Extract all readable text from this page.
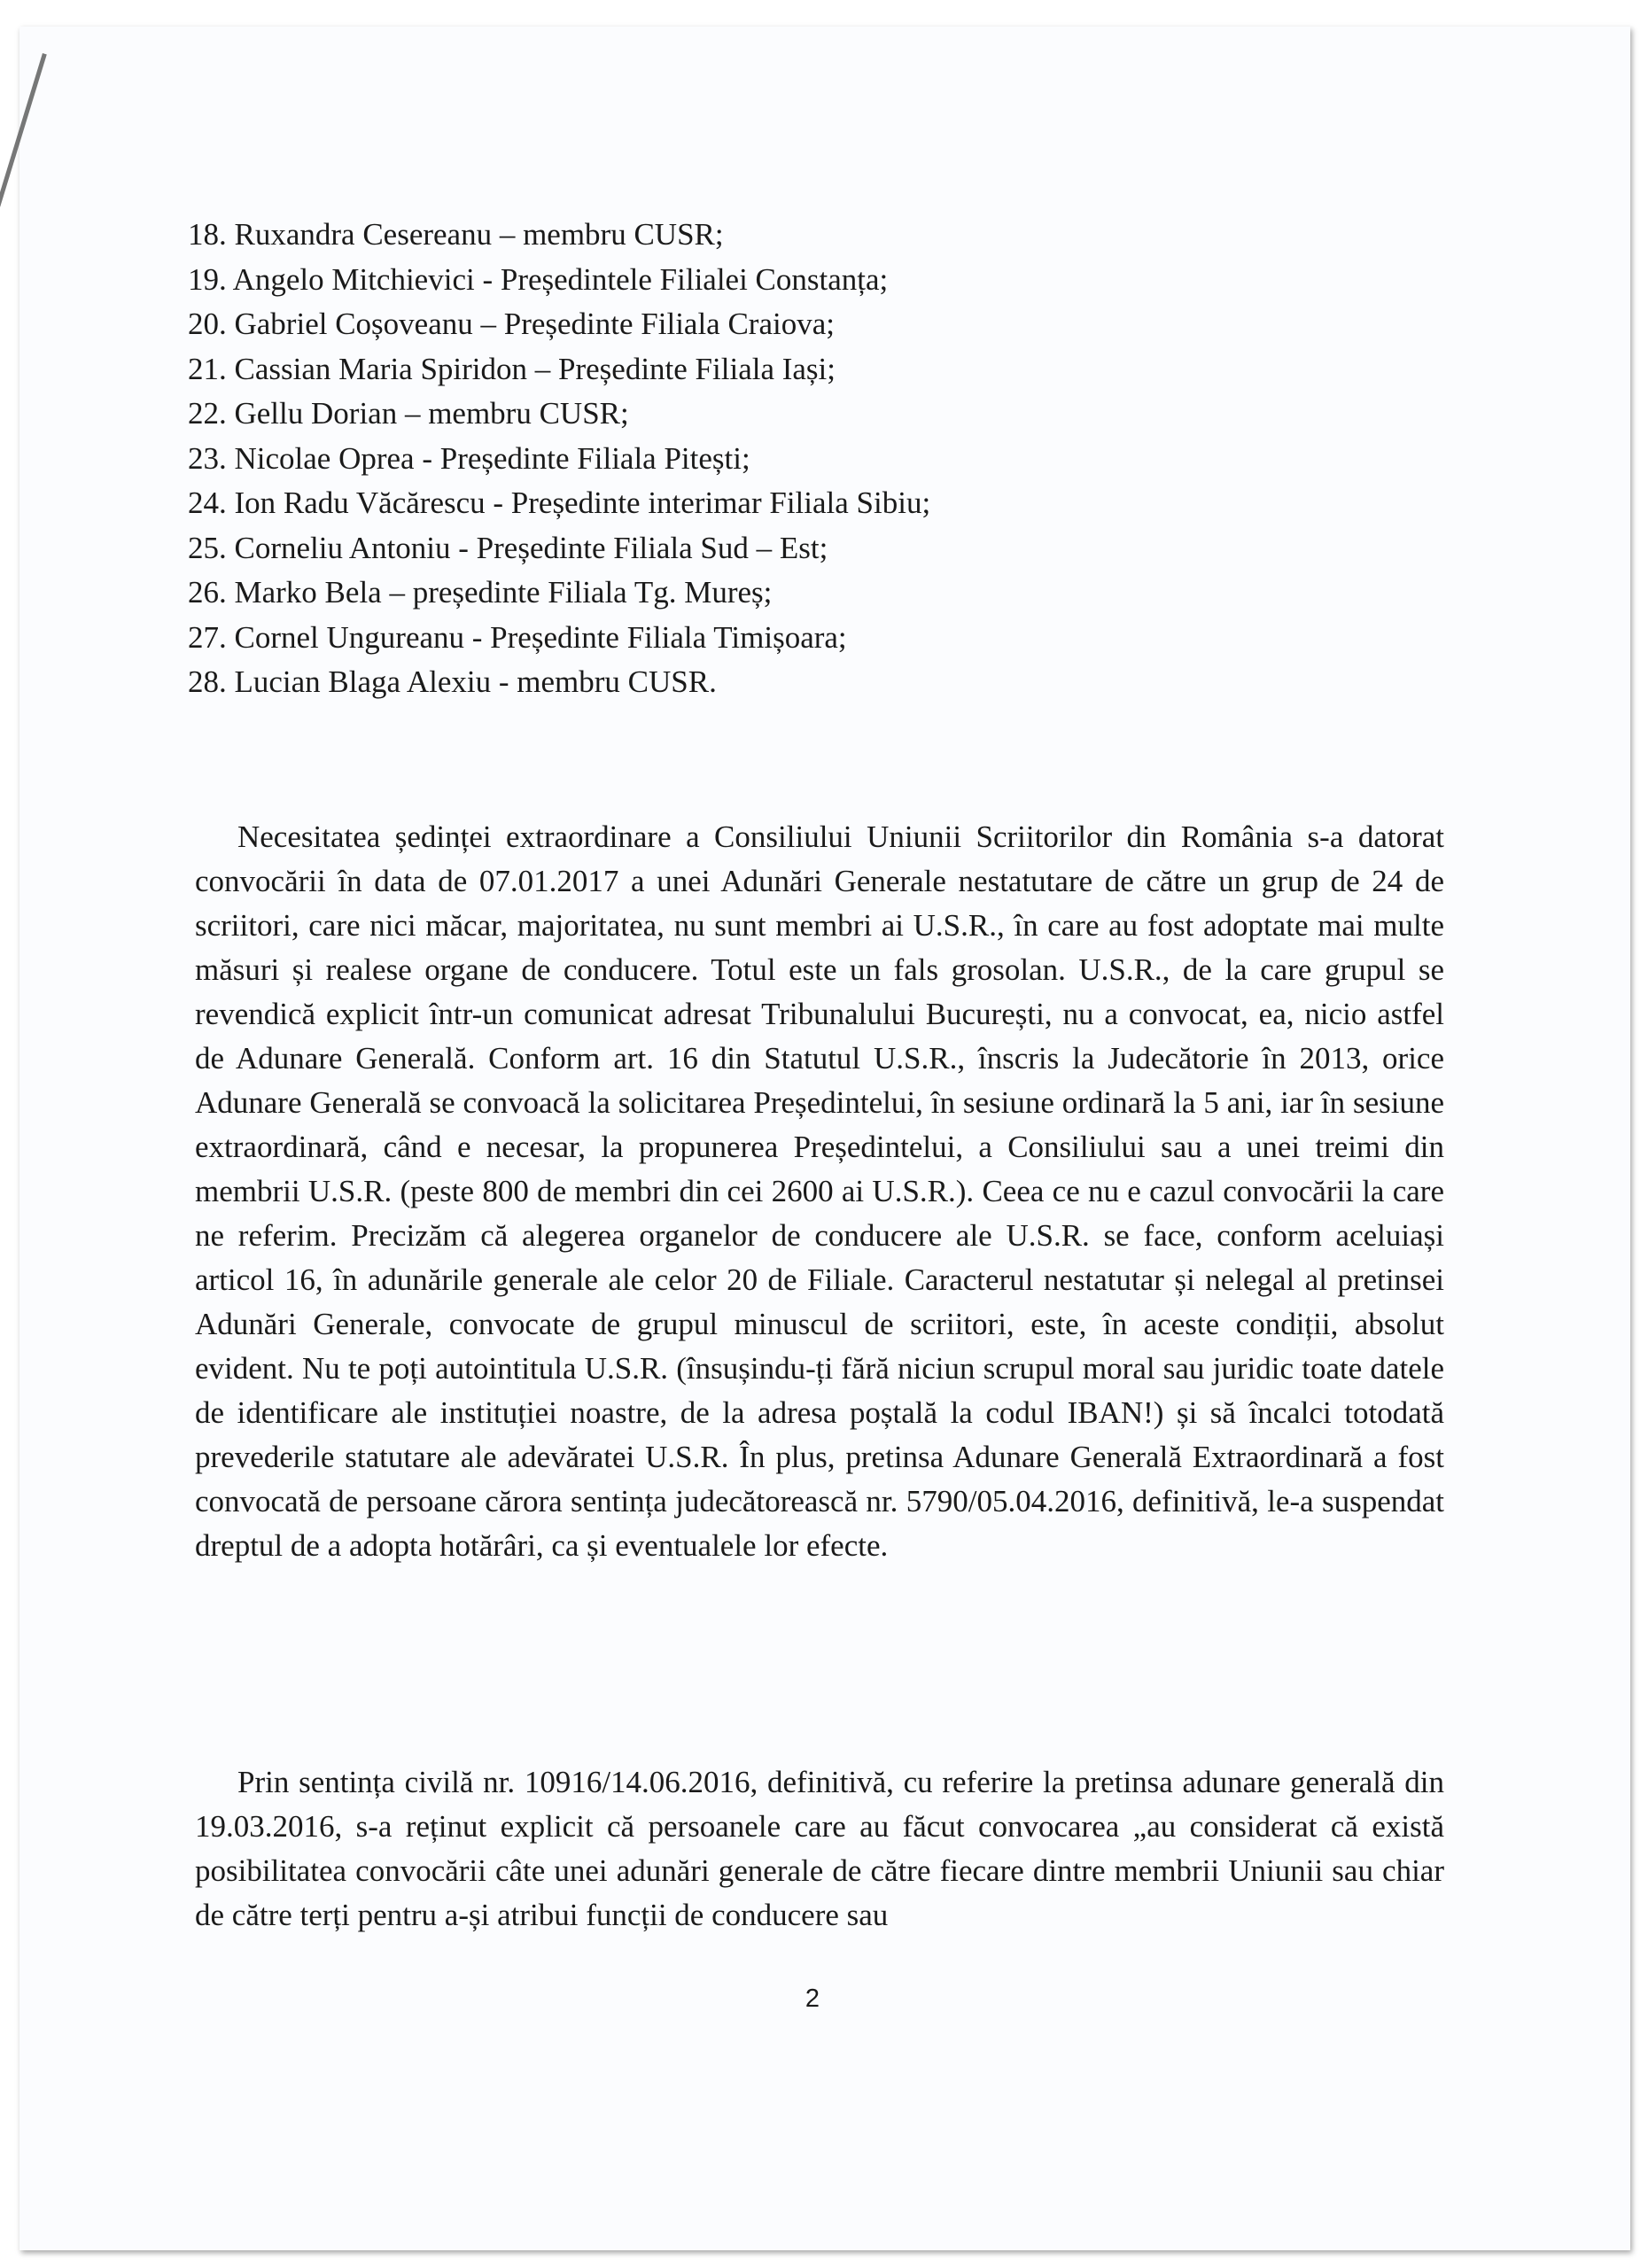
18. Ruxandra Cesereanu – membru CUSR;
19. Angelo Mitchievici - Președintele Filialei Constanța;
20. Gabriel Coșoveanu – Președinte Filiala Craiova;
21. Cassian Maria Spiridon – Președinte Filiala Iași;
22. Gellu Dorian – membru CUSR;
23. Nicolae Oprea - Președinte Filiala Pitești;
24. Ion Radu Văcărescu - Președinte interimar Filiala Sibiu;
25. Corneliu Antoniu - Președinte Filiala Sud – Est;
26. Marko Bela – președinte Filiala Tg. Mureș;
27. Cornel Ungureanu - Președinte Filiala Timișoara;
28. Lucian Blaga Alexiu - membru CUSR.

Necesitatea ședinței extraordinare a Consiliului Uniunii Scriitorilor din România s-a datorat convocării în data de 07.01.2017 a unei Adunări Generale nestatutare de către un grup de 24 de scriitori, care nici măcar, majoritatea, nu sunt membri ai U.S.R., în care au fost adoptate mai multe măsuri și realese organe de conducere. Totul este un fals grosolan. U.S.R., de la care grupul se revendică explicit într-un comunicat adresat Tribunalului București, nu a convocat, ea, nicio astfel de Adunare Generală. Conform art. 16 din Statutul U.S.R., înscris la Judecătorie în 2013, orice Adunare Generală se convoacă la solicitarea Președintelui, în sesiune ordinară la 5 ani, iar în sesiune extraordinară, când e necesar, la propunerea Președintelui, a Consiliului sau a unei treimi din membrii U.S.R. (peste 800 de membri din cei 2600 ai U.S.R.). Ceea ce nu e cazul convocării la care ne referim. Precizăm că alegerea organelor de conducere ale U.S.R. se face, conform aceluiași articol 16, în adunările generale ale celor 20 de Filiale. Caracterul nestatutar și nelegal al pretinsei Adunări Generale, convocate de grupul minuscul de scriitori, este, în aceste condiții, absolut evident. Nu te poți autointitula U.S.R. (însușindu-ți fără niciun scrupul moral sau juridic toate datele de identificare ale instituției noastre, de la adresa poștală la codul IBAN!) și să încalci totodată prevederile statutare ale adevăratei U.S.R. În plus, pretinsa Adunare Generală Extraordinară a fost convocată de persoane cărora sentința judecătorească nr. 5790/05.04.2016, definitivă, le-a suspendat dreptul de a adopta hotărâri, ca și eventualele lor efecte.

Prin sentința civilă nr. 10916/14.06.2016, definitivă, cu referire la pretinsa adunare generală din 19.03.2016, s-a reținut explicit că persoanele care au făcut convocarea „au considerat că există posibilitatea convocării câte unei adunări generale de către fiecare dintre membrii Uniunii sau chiar de către terți pentru a-și atribui funcții de conducere sau

2
